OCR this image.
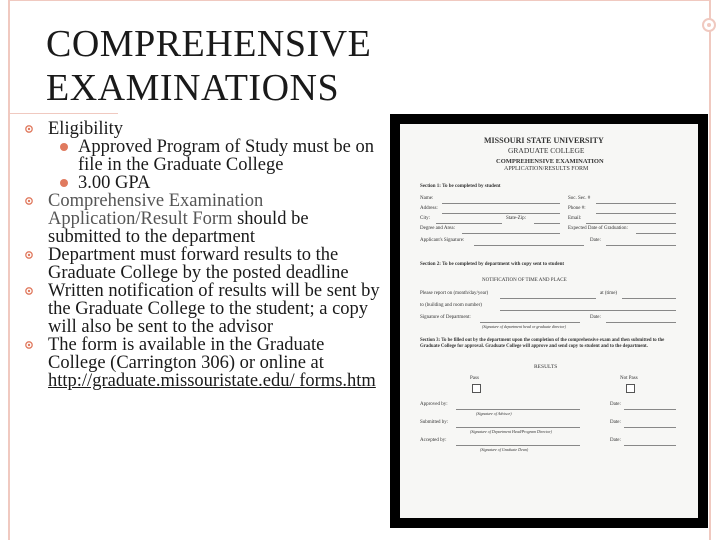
COMPREHENSIVE
EXAMINATIONS
Eligibility
Approved Program of Study must be on file in the Graduate College
3.00 GPA
Comprehensive Examination Application/Result Form should be submitted to the department
Department must forward results to the Graduate College by the posted deadline
Written notification of results will be sent by the Graduate College to the student; a copy will also be sent to the advisor
The form is available in the Graduate College (Carrington 306) or online at http://graduate.missouristate.edu/ forms.htm
MISSOURI STATE UNIVERSITY
GRADUATE COLLEGE
COMPREHENSIVE EXAMINATION
APPLICATION/RESULTS FORM
Section 1: To be completed by student
Name:	Soc. Sec. #
Address:	Phone #:
City:	State-Zip:	Email:
Degree and Area:	Expected Date of Graduation:
Applicant's Signature:	Date:
Section 2: To be completed by department with copy sent to student
NOTIFICATION OF TIME AND PLACE
Please report on (month/day/year)	at (time)
to (building and room number)
Signature of Department:	Date:
(Signature of department head or graduate director)
Section 3: To be filled out by the department upon the completion of the comprehensive exam and then submitted to the Graduate College for approval. Graduate College will approve and send copy to student and to the department.
RESULTS
Pass	Not Pass
Approved by:	Date:
(Signature of Advisor)
Submitted by:	Date:
(Signature of Department Head/Program Director)
Accepted by:	Date:
(Signature of Graduate Dean)
